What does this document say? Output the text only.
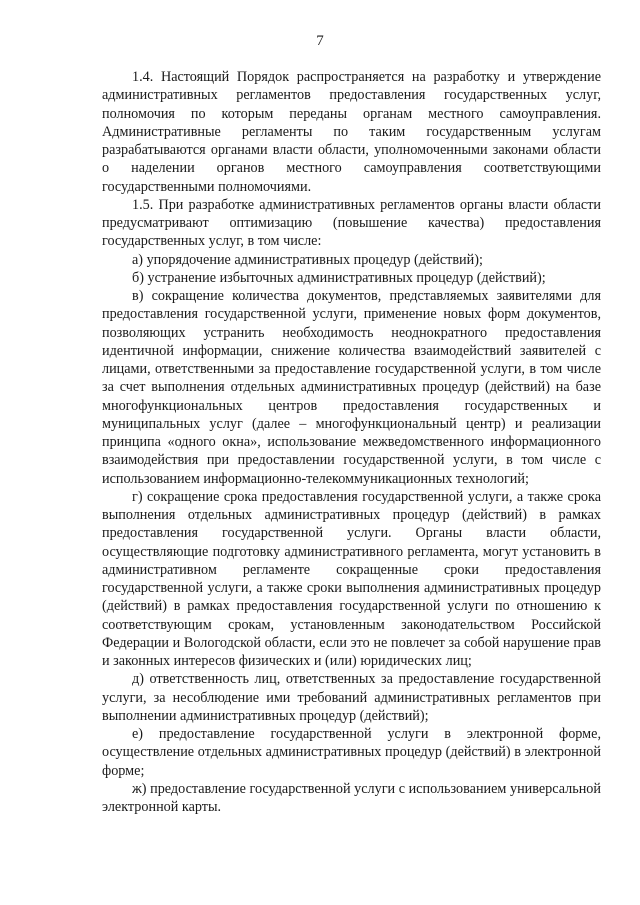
7

1.4. Настоящий Порядок распространяется на разработку и утверждение административных регламентов предоставления государственных услуг, полномочия по которым переданы органам местного самоуправления. Административные регламенты по таким государственным услугам разрабатываются органами власти области, уполномоченными законами области о наделении органов местного самоуправления соответствующими государственными полномочиями.

1.5. При разработке административных регламентов органы власти области предусматривают оптимизацию (повышение качества) предоставления государственных услуг, в том числе:

а) упорядочение административных процедур (действий);

б) устранение избыточных административных процедур (действий);

в) сокращение количества документов, представляемых заявителями для предоставления государственной услуги, применение новых форм документов, позволяющих устранить необходимость неоднократного предоставления идентичной информации, снижение количества взаимодействий заявителей с лицами, ответственными за предоставление государственной услуги, в том числе за счет выполнения отдельных административных процедур (действий) на базе многофункциональных центров предоставления государственных и муниципальных услуг (далее – многофункциональный центр) и реализации принципа «одного окна», использование межведомственного информационного взаимодействия при предоставлении государственной услуги, в том числе с использованием информационно-телекоммуникационных технологий;

г) сокращение срока предоставления государственной услуги, а также срока выполнения отдельных административных процедур (действий) в рамках предоставления государственной услуги. Органы власти области, осуществляющие подготовку административного регламента, могут установить в административном регламенте сокращенные сроки предоставления государственной услуги, а также сроки выполнения административных процедур (действий) в рамках предоставления государственной услуги по отношению к соответствующим срокам, установленным законодательством Российской Федерации и Вологодской области, если это не повлечет за собой нарушение прав и законных интересов физических и (или) юридических лиц;

д) ответственность лиц, ответственных за предоставление государственной услуги, за несоблюдение ими требований административных регламентов при выполнении административных процедур (действий);

е) предоставление государственной услуги в электронной форме, осуществление отдельных административных процедур (действий) в электронной форме;

ж) предоставление государственной услуги с использованием универсальной электронной карты.
